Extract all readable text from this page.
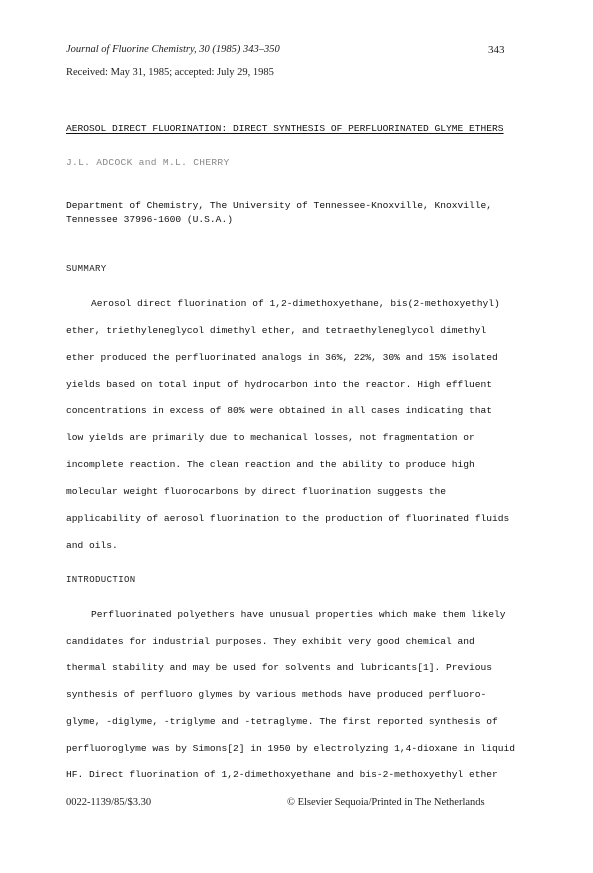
Journal of Fluorine Chemistry, 30 (1985) 343–350	343
Received: May 31, 1985; accepted: July 29, 1985
AEROSOL DIRECT FLUORINATION: DIRECT SYNTHESIS OF PERFLUORINATED GLYME ETHERS
J.L. ADCOCK and M.L. CHERRY
Department of Chemistry, The University of Tennessee-Knoxville, Knoxville,
Tennessee 37996-1600 (U.S.A.)
SUMMARY
Aerosol direct fluorination of 1,2-dimethoxyethane, bis(2-methoxyethyl)
ether, triethyleneglycol dimethyl ether, and tetraethyleneglycol dimethyl
ether produced the perfluorinated analogs in 36%, 22%, 30% and 15% isolated
yields based on total input of hydrocarbon into the reactor. High effluent
concentrations in excess of 80% were obtained in all cases indicating that
low yields are primarily due to mechanical losses, not fragmentation or
incomplete reaction. The clean reaction and the ability to produce high
molecular weight fluorocarbons by direct fluorination suggests the
applicability of aerosol fluorination to the production of fluorinated fluids
and oils.
INTRODUCTION
Perfluorinated polyethers have unusual properties which make them likely
candidates for industrial purposes. They exhibit very good chemical and
thermal stability and may be used for solvents and lubricants[1]. Previous
synthesis of perfluoro glymes by various methods have produced perfluoro-
glyme, -diglyme, -triglyme and -tetraglyme. The first reported synthesis of
perfluoroglyme was by Simons[2] in 1950 by electrolyzing 1,4-dioxane in liquid
HF. Direct fluorination of 1,2-dimethoxyethane and bis-2-methoxyethyl ether
0022-1139/85/$3.30	© Elsevier Sequoia/Printed in The Netherlands
